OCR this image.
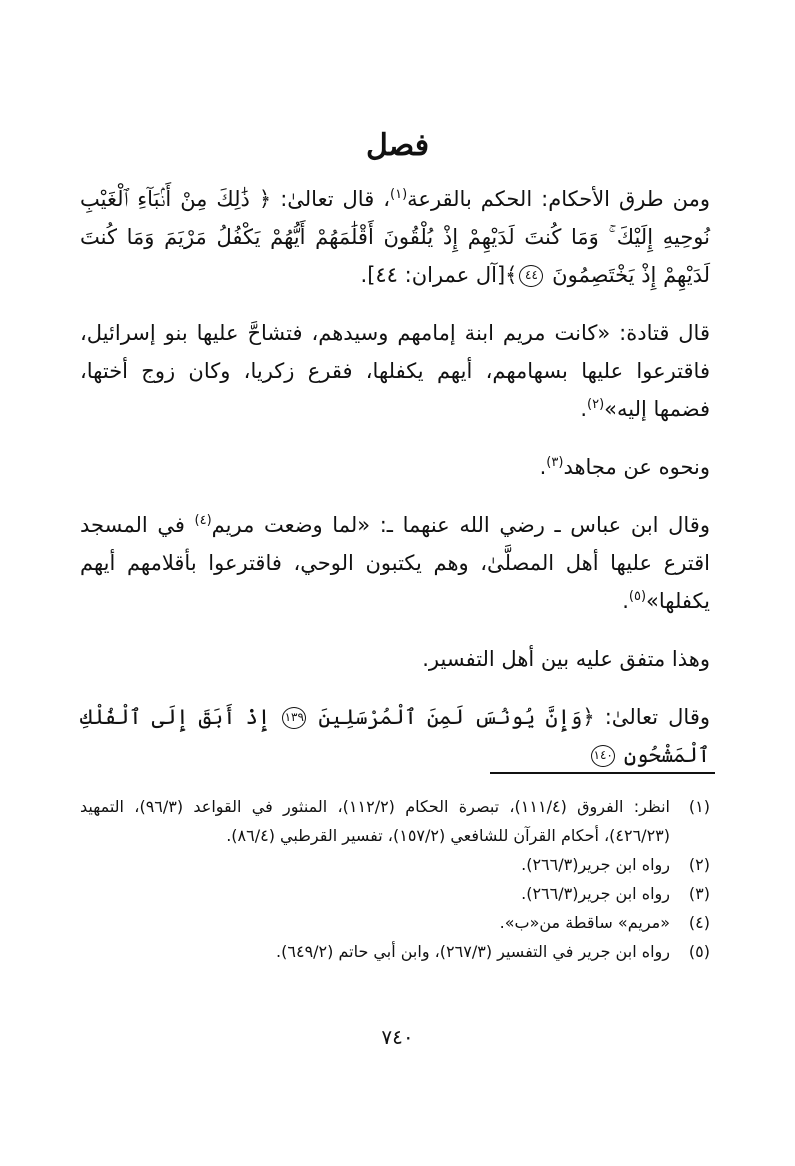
فصل

ومن طرق الأحكام: الحكم بالقرعة$^{(١)}$، قال تعالىٰ: ﴿ ذَٰلِكَ مِنْ أَنۢبَآءِ ٱلْغَيْبِ نُوحِيهِ إِلَيْكَ ۚ وَمَا كُنتَ لَدَيْهِمْ إِذْ يُلْقُونَ أَقْلَٰمَهُمْ أَيُّهُمْ يَكْفُلُ مَرْيَمَ وَمَا كُنتَ لَدَيْهِمْ إِذْ يَخْتَصِمُونَ ٤٤﴾[آل عمران: ٤٤].

قال قتادة: «كانت مريم ابنة إمامهم وسيدهم، فتشاحَّ عليها بنو إسرائيل، فاقترعوا عليها بسهامهم، أيهم يكفلها، فقرع زكريا، وكان زوج أختها، فضمها إليه»$^{(٢)}$.

ونحوه عن مجاهد$^{(٣)}$.

وقال ابن عباس ـ رضي الله عنهما ـ: «لما وضعت مريم$^{(٤)}$ في المسجد اقترع عليها أهل المصلَّىٰ، وهم يكتبون الوحي، فاقترعوا بأقلامهم أيهم يكفلها»$^{(٥)}$.

وهذا متفق عليه بين أهل التفسير.

وقال تعالىٰ: ﴿وَإِنَّ يُونُسَ لَمِنَ ٱلْمُرْسَلِينَ ١٣٩ إِذْ أَبَقَ إِلَى ٱلْفُلْكِ ٱلْمَشْحُونِ ١٤٠

(١)
انظر: الفروق (١١١/٤)، تبصرة الحكام (١١٢/٢)، المنثور في القواعد (٩٦/٣)، التمهيد (٤٢٦/٢٣)، أحكام القرآن للشافعي (١٥٧/٢)، تفسير القرطبي (٨٦/٤).
(٢)
رواه ابن جرير(٢٦٦/٣).
(٣)
رواه ابن جرير(٢٦٦/٣).
(٤)
«مريم» ساقطة من«ب».
(٥)
رواه ابن جرير في التفسير (٢٦٧/٣)، وابن أبي حاتم (٦٤٩/٢).
٧٤٠
